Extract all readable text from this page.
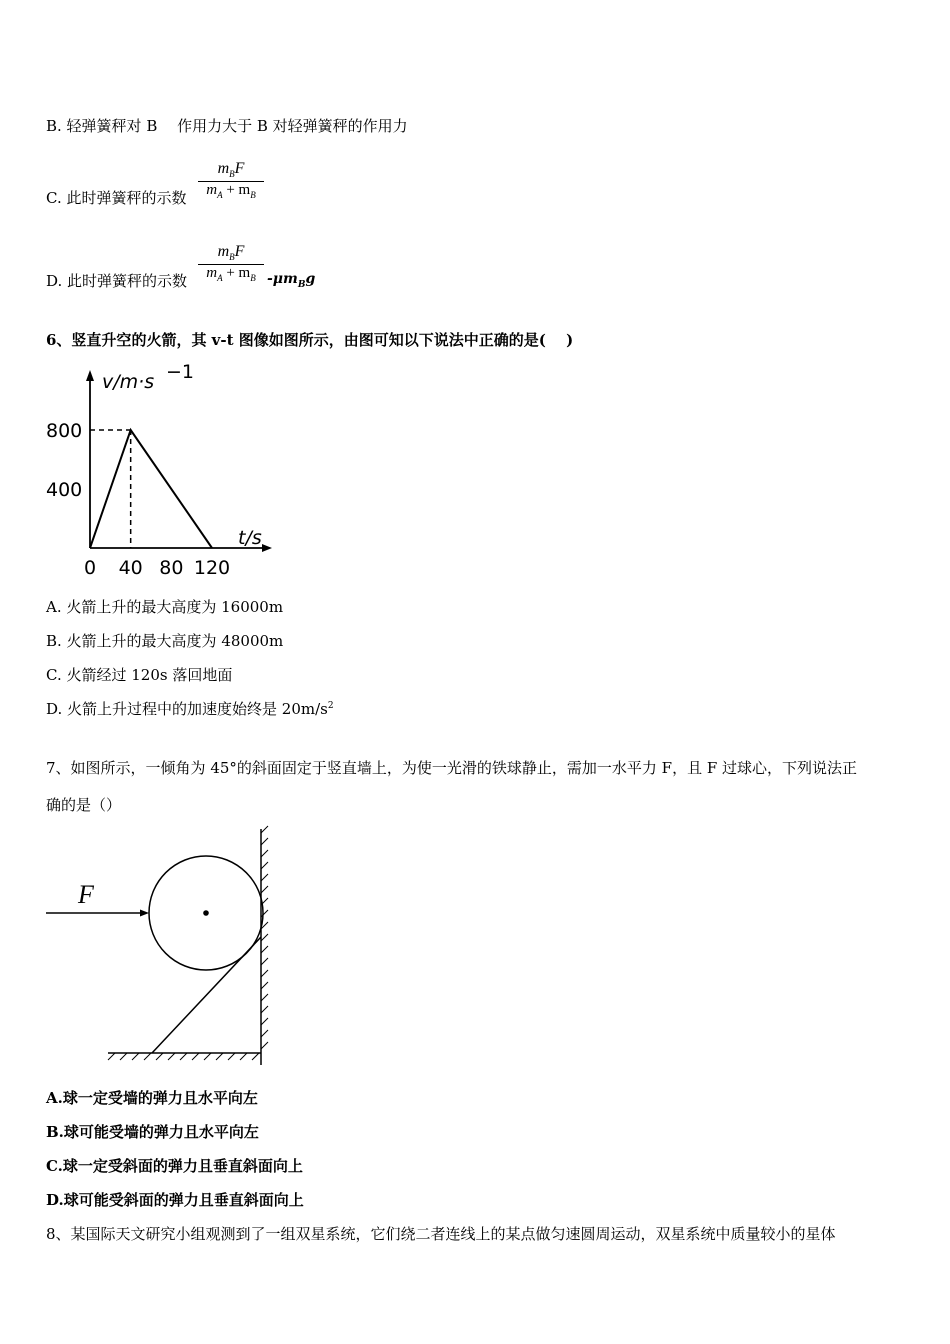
B. 轻弹簧秤对 B 　作用力大于 B 对轻弹簧秤的作用力
C. 此时弹簧秤的示数
$m_BF$
$m_A + m_B$
D. 此时弹簧秤的示数
$m_BF$
$m_A + m_B$ $-\mu m_Bg$
6、竖直升空的火箭，其 v-t 图像如图所示，由图可知以下说法中正确的是(　 )
400
800
0 40 80 120
v/m·s −1
t/s
A. 火箭上升的最大高度为 16000m
B. 火箭上升的最大高度为 48000m
C. 火箭经过 120s 落回地面
D. 火箭上升过程中的加速度始终是 $20m/s^2$
7、如图所示，一倾角为 45°的斜面固定于竖直墙上，为使一光滑的铁球静止，需加一水平力 F，且 F 过球心，下列说法正
确的是（）
F
A.球一定受墙的弹力且水平向左
B.球可能受墙的弹力且水平向左
C.球一定受斜面的弹力且垂直斜面向上
D.球可能受斜面的弹力且垂直斜面向上
8、某国际天文研究小组观测到了一组双星系统，它们绕二者连线上的某点做匀速圆周运动，双星系统中质量较小的星体
